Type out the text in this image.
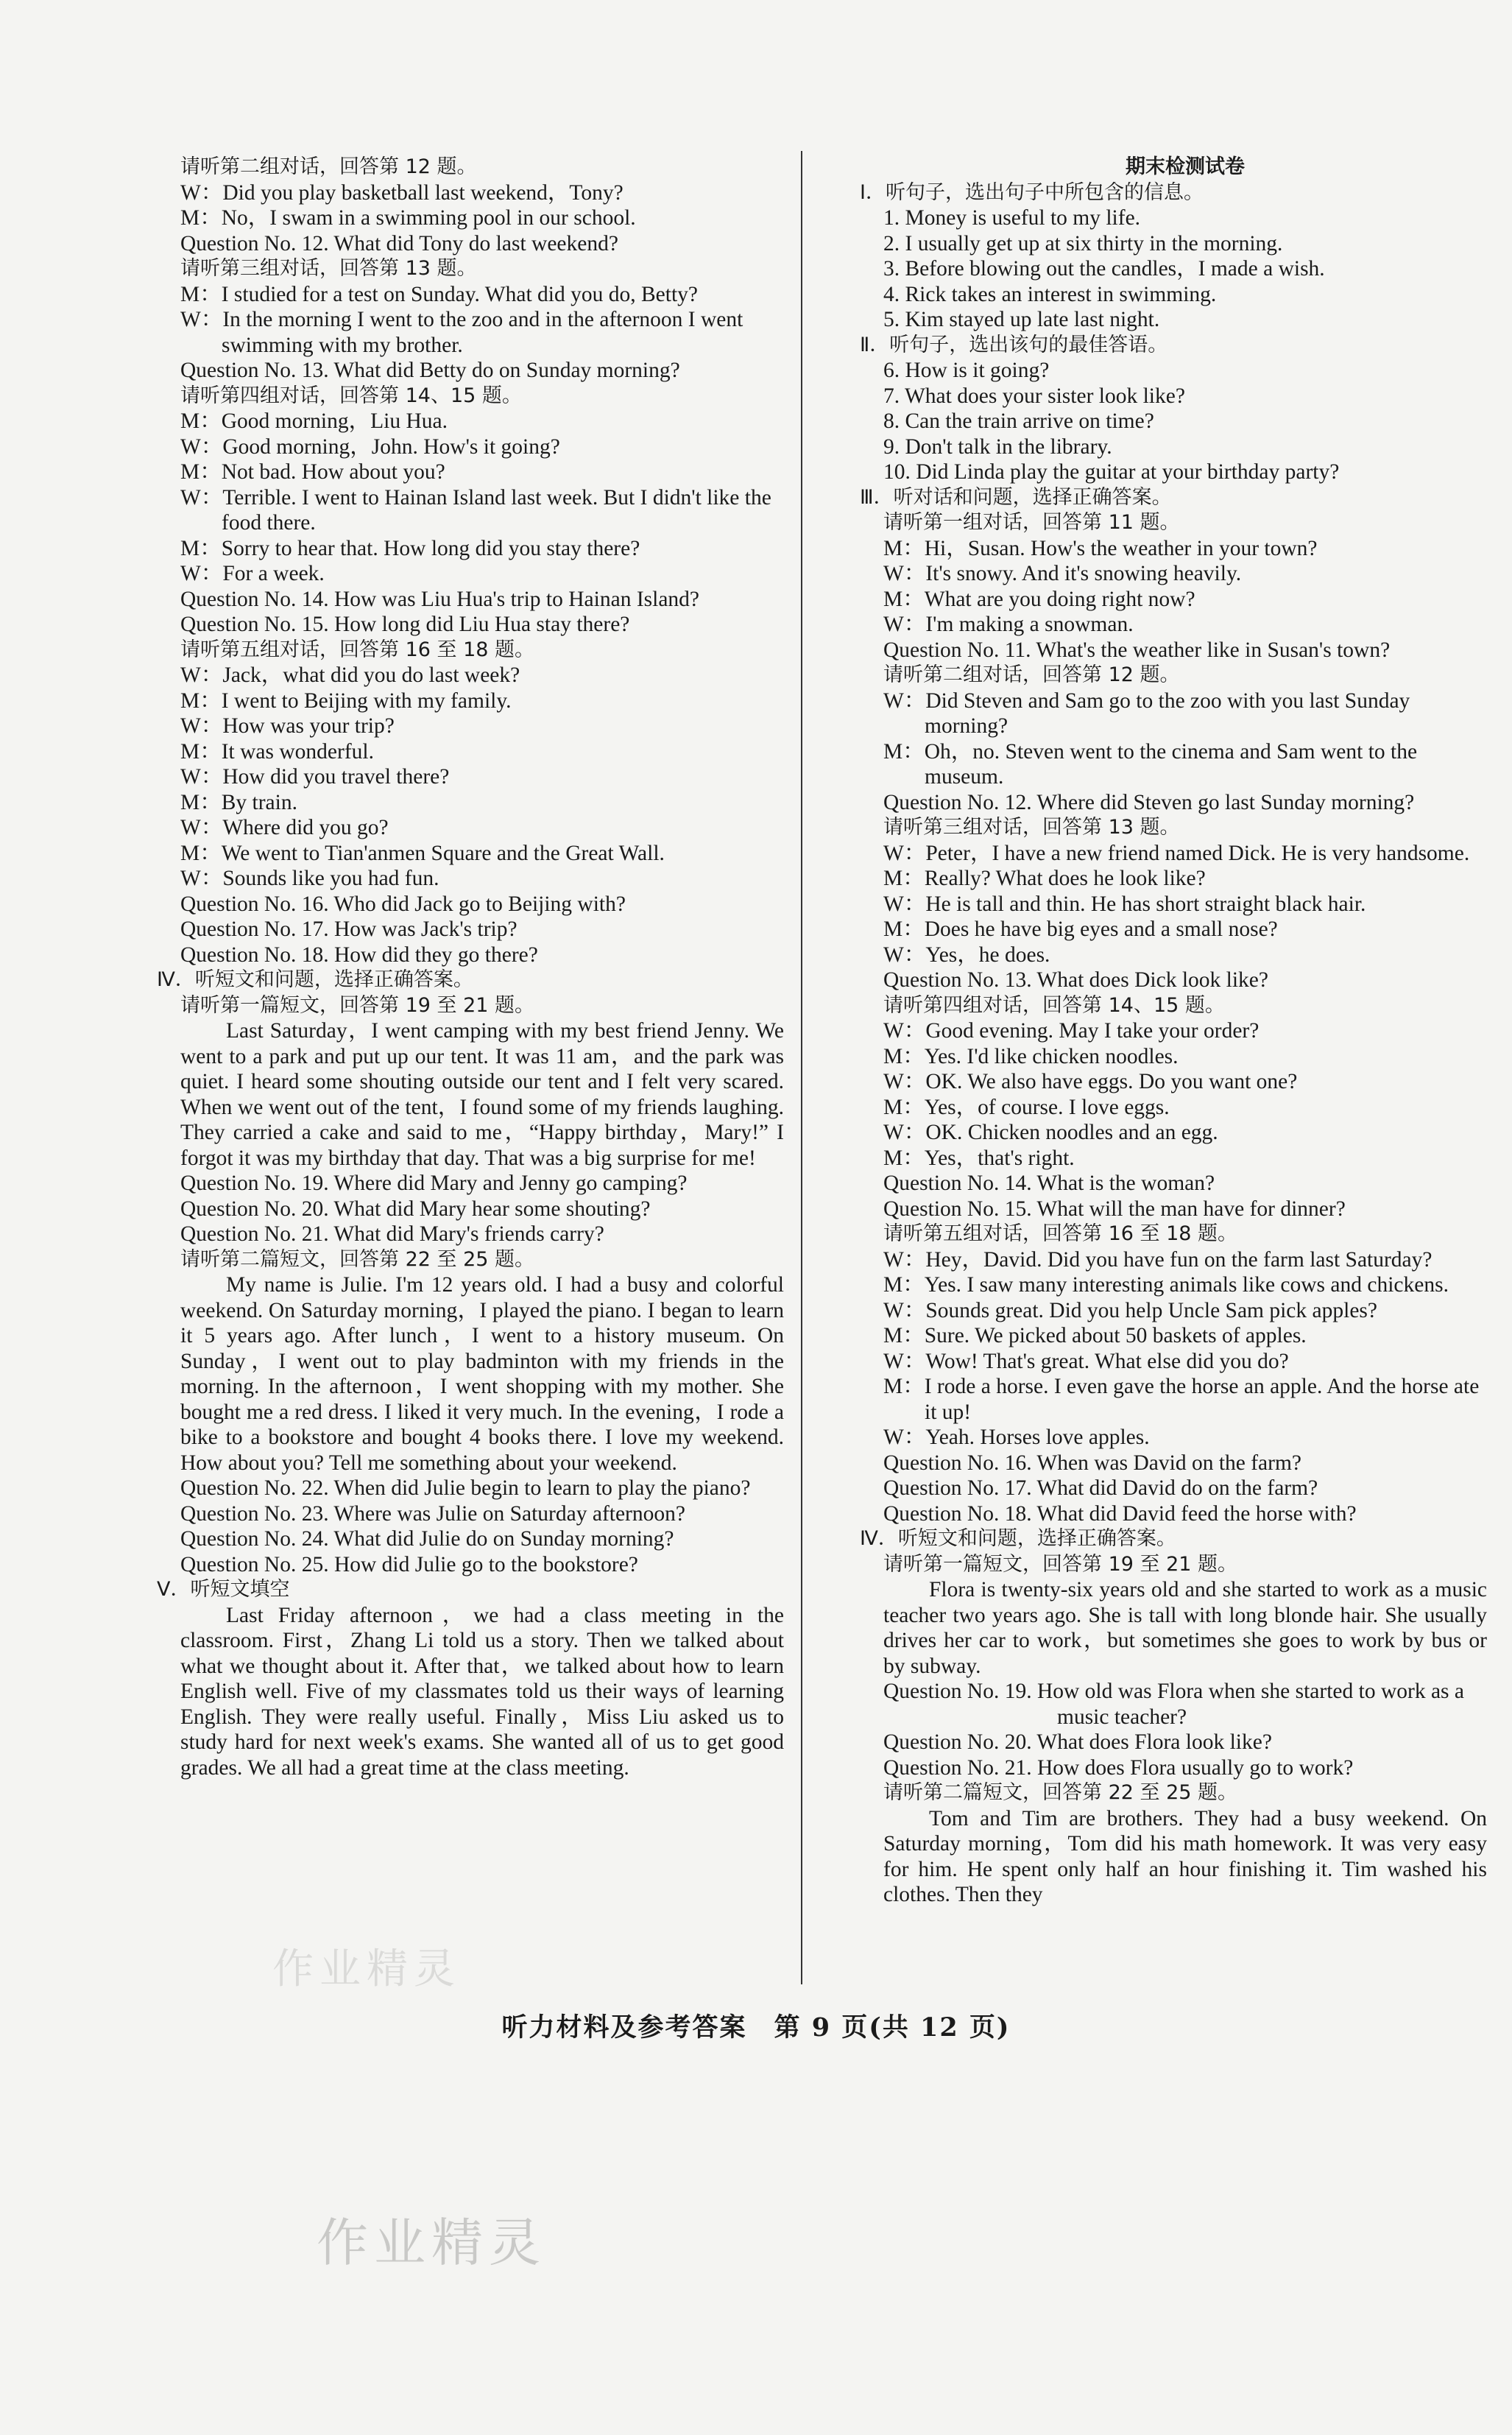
请听第二组对话，回答第 12 题。
W：Did you play basketball last weekend，Tony?
M：No，I swam in a swimming pool in our school.
Question No. 12. What did Tony do last weekend?
请听第三组对话，回答第 13 题。
M：I studied for a test on Sunday. What did you do, Betty?
W：In the morning I went to the zoo and in the afternoon I went swimming with my brother.
Question No. 13. What did Betty do on Sunday morning?
请听第四组对话，回答第 14、15 题。
M：Good morning，Liu Hua.
W：Good morning，John. How's it going?
M：Not bad. How about you?
W：Terrible. I went to Hainan Island last week. But I didn't like the food there.
M：Sorry to hear that. How long did you stay there?
W：For a week.
Question No. 14. How was Liu Hua's trip to Hainan Island?
Question No. 15. How long did Liu Hua stay there?
请听第五组对话，回答第 16 至 18 题。
W：Jack，what did you do last week?
M：I went to Beijing with my family.
W：How was your trip?
M：It was wonderful.
W：How did you travel there?
M：By train.
W：Where did you go?
M：We went to Tian'anmen Square and the Great Wall.
W：Sounds like you had fun.
Question No. 16. Who did Jack go to Beijing with?
Question No. 17. How was Jack's trip?
Question No. 18. How did they go there?
Ⅳ．听短文和问题，选择正确答案。
请听第一篇短文，回答第 19 至 21 题。
Last Saturday，I went camping with my best friend Jenny. We went to a park and put up our tent. It was 11 am，and the park was quiet. I heard some shouting outside our tent and I felt very scared. When we went out of the tent，I found some of my friends laughing. They carried a cake and said to me，“Happy birthday，Mary!” I forgot it was my birthday that day. That was a big surprise for me!
Question No. 19. Where did Mary and Jenny go camping?
Question No. 20. What did Mary hear some shouting?
Question No. 21. What did Mary's friends carry?
请听第二篇短文，回答第 22 至 25 题。
My name is Julie. I'm 12 years old. I had a busy and colorful weekend. On Saturday morning，I played the piano. I began to learn it 5 years ago. After lunch，I went to a history museum. On Sunday，I went out to play badminton with my friends in the morning. In the afternoon，I went shopping with my mother. She bought me a red dress. I liked it very much. In the evening，I rode a bike to a bookstore and bought 4 books there. I love my weekend. How about you? Tell me something about your weekend.
Question No. 22. When did Julie begin to learn to play the piano?
Question No. 23. Where was Julie on Saturday afternoon?
Question No. 24. What did Julie do on Sunday morning?
Question No. 25. How did Julie go to the bookstore?
Ⅴ．听短文填空
Last Friday afternoon，we had a class meeting in the classroom. First，Zhang Li told us a story. Then we talked about what we thought about it. After that，we talked about how to learn English well. Five of my classmates told us their ways of learning English. They were really useful. Finally，Miss Liu asked us to study hard for next week's exams. She wanted all of us to get good grades. We all had a great time at the class meeting.
期末检测试卷
Ⅰ．听句子，选出句子中所包含的信息。
1. Money is useful to my life.
2. I usually get up at six thirty in the morning.
3. Before blowing out the candles，I made a wish.
4. Rick takes an interest in swimming.
5. Kim stayed up late last night.
Ⅱ．听句子，选出该句的最佳答语。
6. How is it going?
7. What does your sister look like?
8. Can the train arrive on time?
9. Don't talk in the library.
10. Did Linda play the guitar at your birthday party?
Ⅲ．听对话和问题，选择正确答案。
请听第一组对话，回答第 11 题。
M：Hi，Susan. How's the weather in your town?
W：It's snowy. And it's snowing heavily.
M：What are you doing right now?
W：I'm making a snowman.
Question No. 11. What's the weather like in Susan's town?
请听第二组对话，回答第 12 题。
W：Did Steven and Sam go to the zoo with you last Sunday morning?
M：Oh，no. Steven went to the cinema and Sam went to the museum.
Question No. 12. Where did Steven go last Sunday morning?
请听第三组对话，回答第 13 题。
W：Peter，I have a new friend named Dick. He is very handsome.
M：Really? What does he look like?
W：He is tall and thin. He has short straight black hair.
M：Does he have big eyes and a small nose?
W：Yes，he does.
Question No. 13. What does Dick look like?
请听第四组对话，回答第 14、15 题。
W：Good evening. May I take your order?
M：Yes. I'd like chicken noodles.
W：OK. We also have eggs. Do you want one?
M：Yes，of course. I love eggs.
W：OK. Chicken noodles and an egg.
M：Yes，that's right.
Question No. 14. What is the woman?
Question No. 15. What will the man have for dinner?
请听第五组对话，回答第 16 至 18 题。
W：Hey，David. Did you have fun on the farm last Saturday?
M：Yes. I saw many interesting animals like cows and chickens.
W：Sounds great. Did you help Uncle Sam pick apples?
M：Sure. We picked about 50 baskets of apples.
W：Wow! That's great. What else did you do?
M：I rode a horse. I even gave the horse an apple. And the horse ate it up!
W：Yeah. Horses love apples.
Question No. 16. When was David on the farm?
Question No. 17. What did David do on the farm?
Question No. 18. What did David feed the horse with?
Ⅳ．听短文和问题，选择正确答案。
请听第一篇短文，回答第 19 至 21 题。
Flora is twenty-six years old and she started to work as a music teacher two years ago. She is tall with long blonde hair. She usually drives her car to work，but sometimes she goes to work by bus or by subway.
Question No. 19. How old was Flora when she started to work as a music teacher?
Question No. 20. What does Flora look like?
Question No. 21. How does Flora usually go to work?
请听第二篇短文，回答第 22 至 25 题。
Tom and Tim are brothers. They had a busy weekend. On Saturday morning，Tom did his math homework. It was very easy for him. He spent only half an hour finishing it. Tim washed his clothes. Then they
听力材料及参考答案　第 9 页(共 12 页)
作业精灵
作业精灵
